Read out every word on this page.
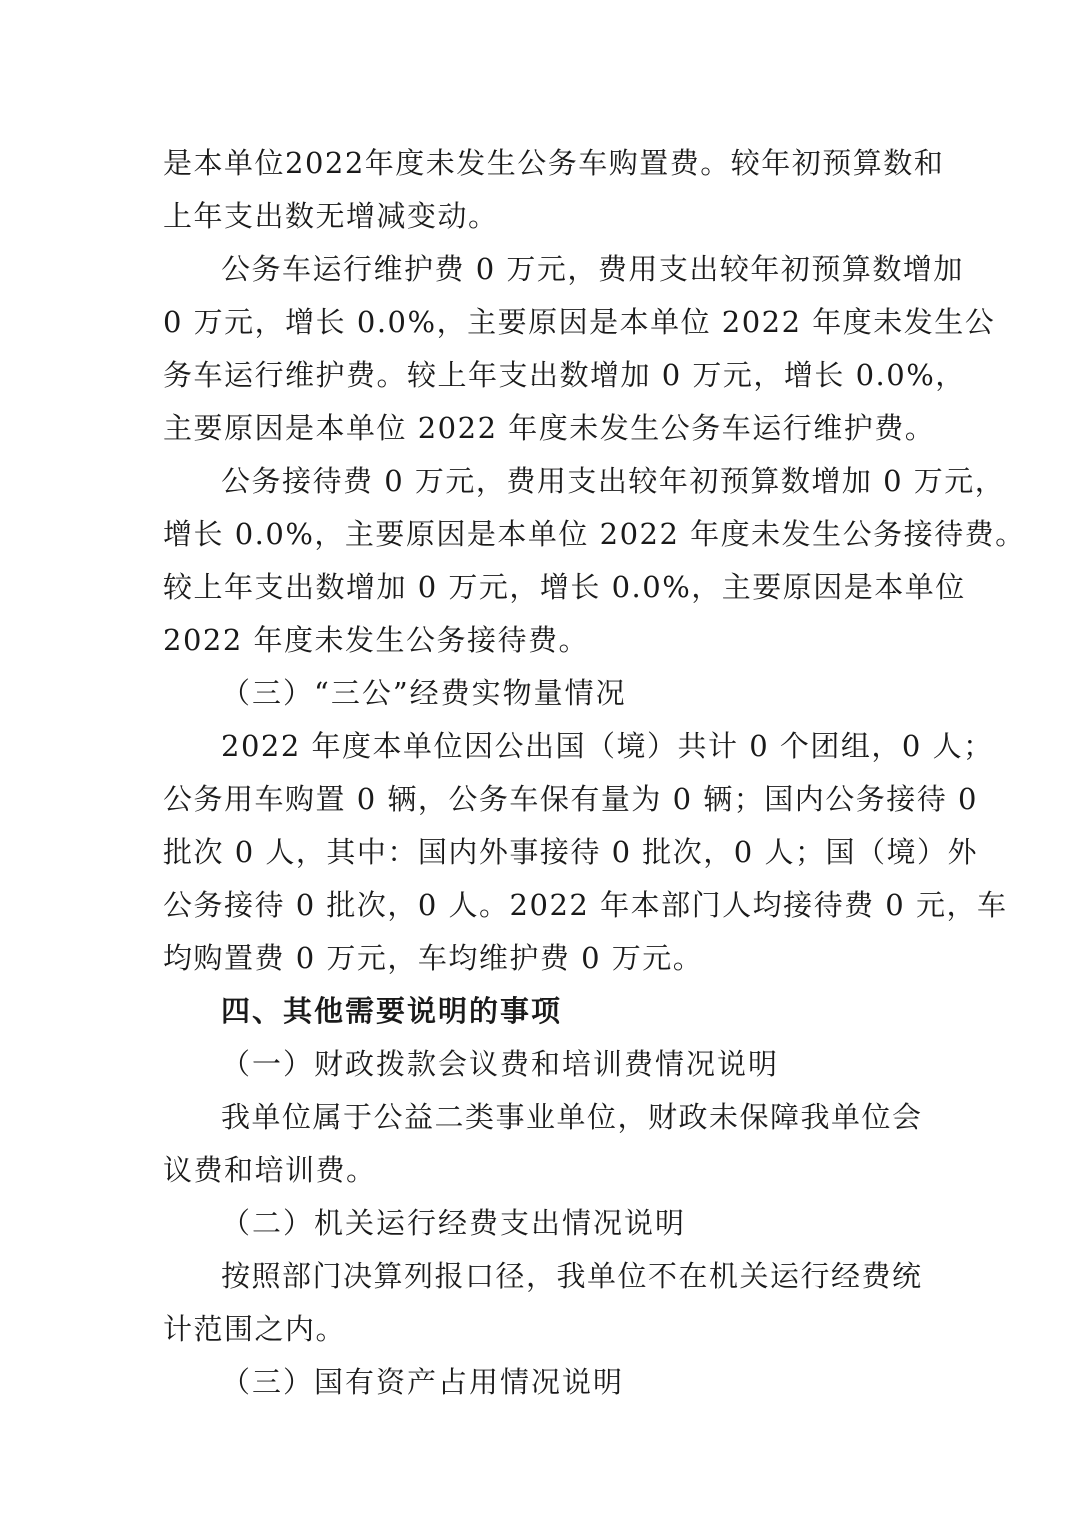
是本单位2022年度未发生公务车购置费。较年初预算数和
上年支出数无增减变动。
公务车运行维护费 0 万元，费用支出较年初预算数增加
0 万元，增长 0.0%，主要原因是本单位 2022 年度未发生公
务车运行维护费。较上年支出数增加 0 万元，增长 0.0%，
主要原因是本单位 2022 年度未发生公务车运行维护费。
公务接待费 0 万元，费用支出较年初预算数增加 0 万元，
增长 0.0%，主要原因是本单位 2022 年度未发生公务接待费。
较上年支出数增加 0 万元，增长 0.0%，主要原因是本单位
2022 年度未发生公务接待费。
（三）“三公”经费实物量情况
2022 年度本单位因公出国（境）共计 0 个团组，0 人；
公务用车购置 0 辆，公务车保有量为 0 辆；国内公务接待 0
批次 0 人，其中：国内外事接待 0 批次，0 人；国（境）外
公务接待 0 批次，0 人。2022 年本部门人均接待费 0 元，车
均购置费 0 万元，车均维护费 0 万元。
四、其他需要说明的事项
（一）财政拨款会议费和培训费情况说明
我单位属于公益二类事业单位，财政未保障我单位会
议费和培训费。
（二）机关运行经费支出情况说明
按照部门决算列报口径，我单位不在机关运行经费统
计范围之内。
（三）国有资产占用情况说明
